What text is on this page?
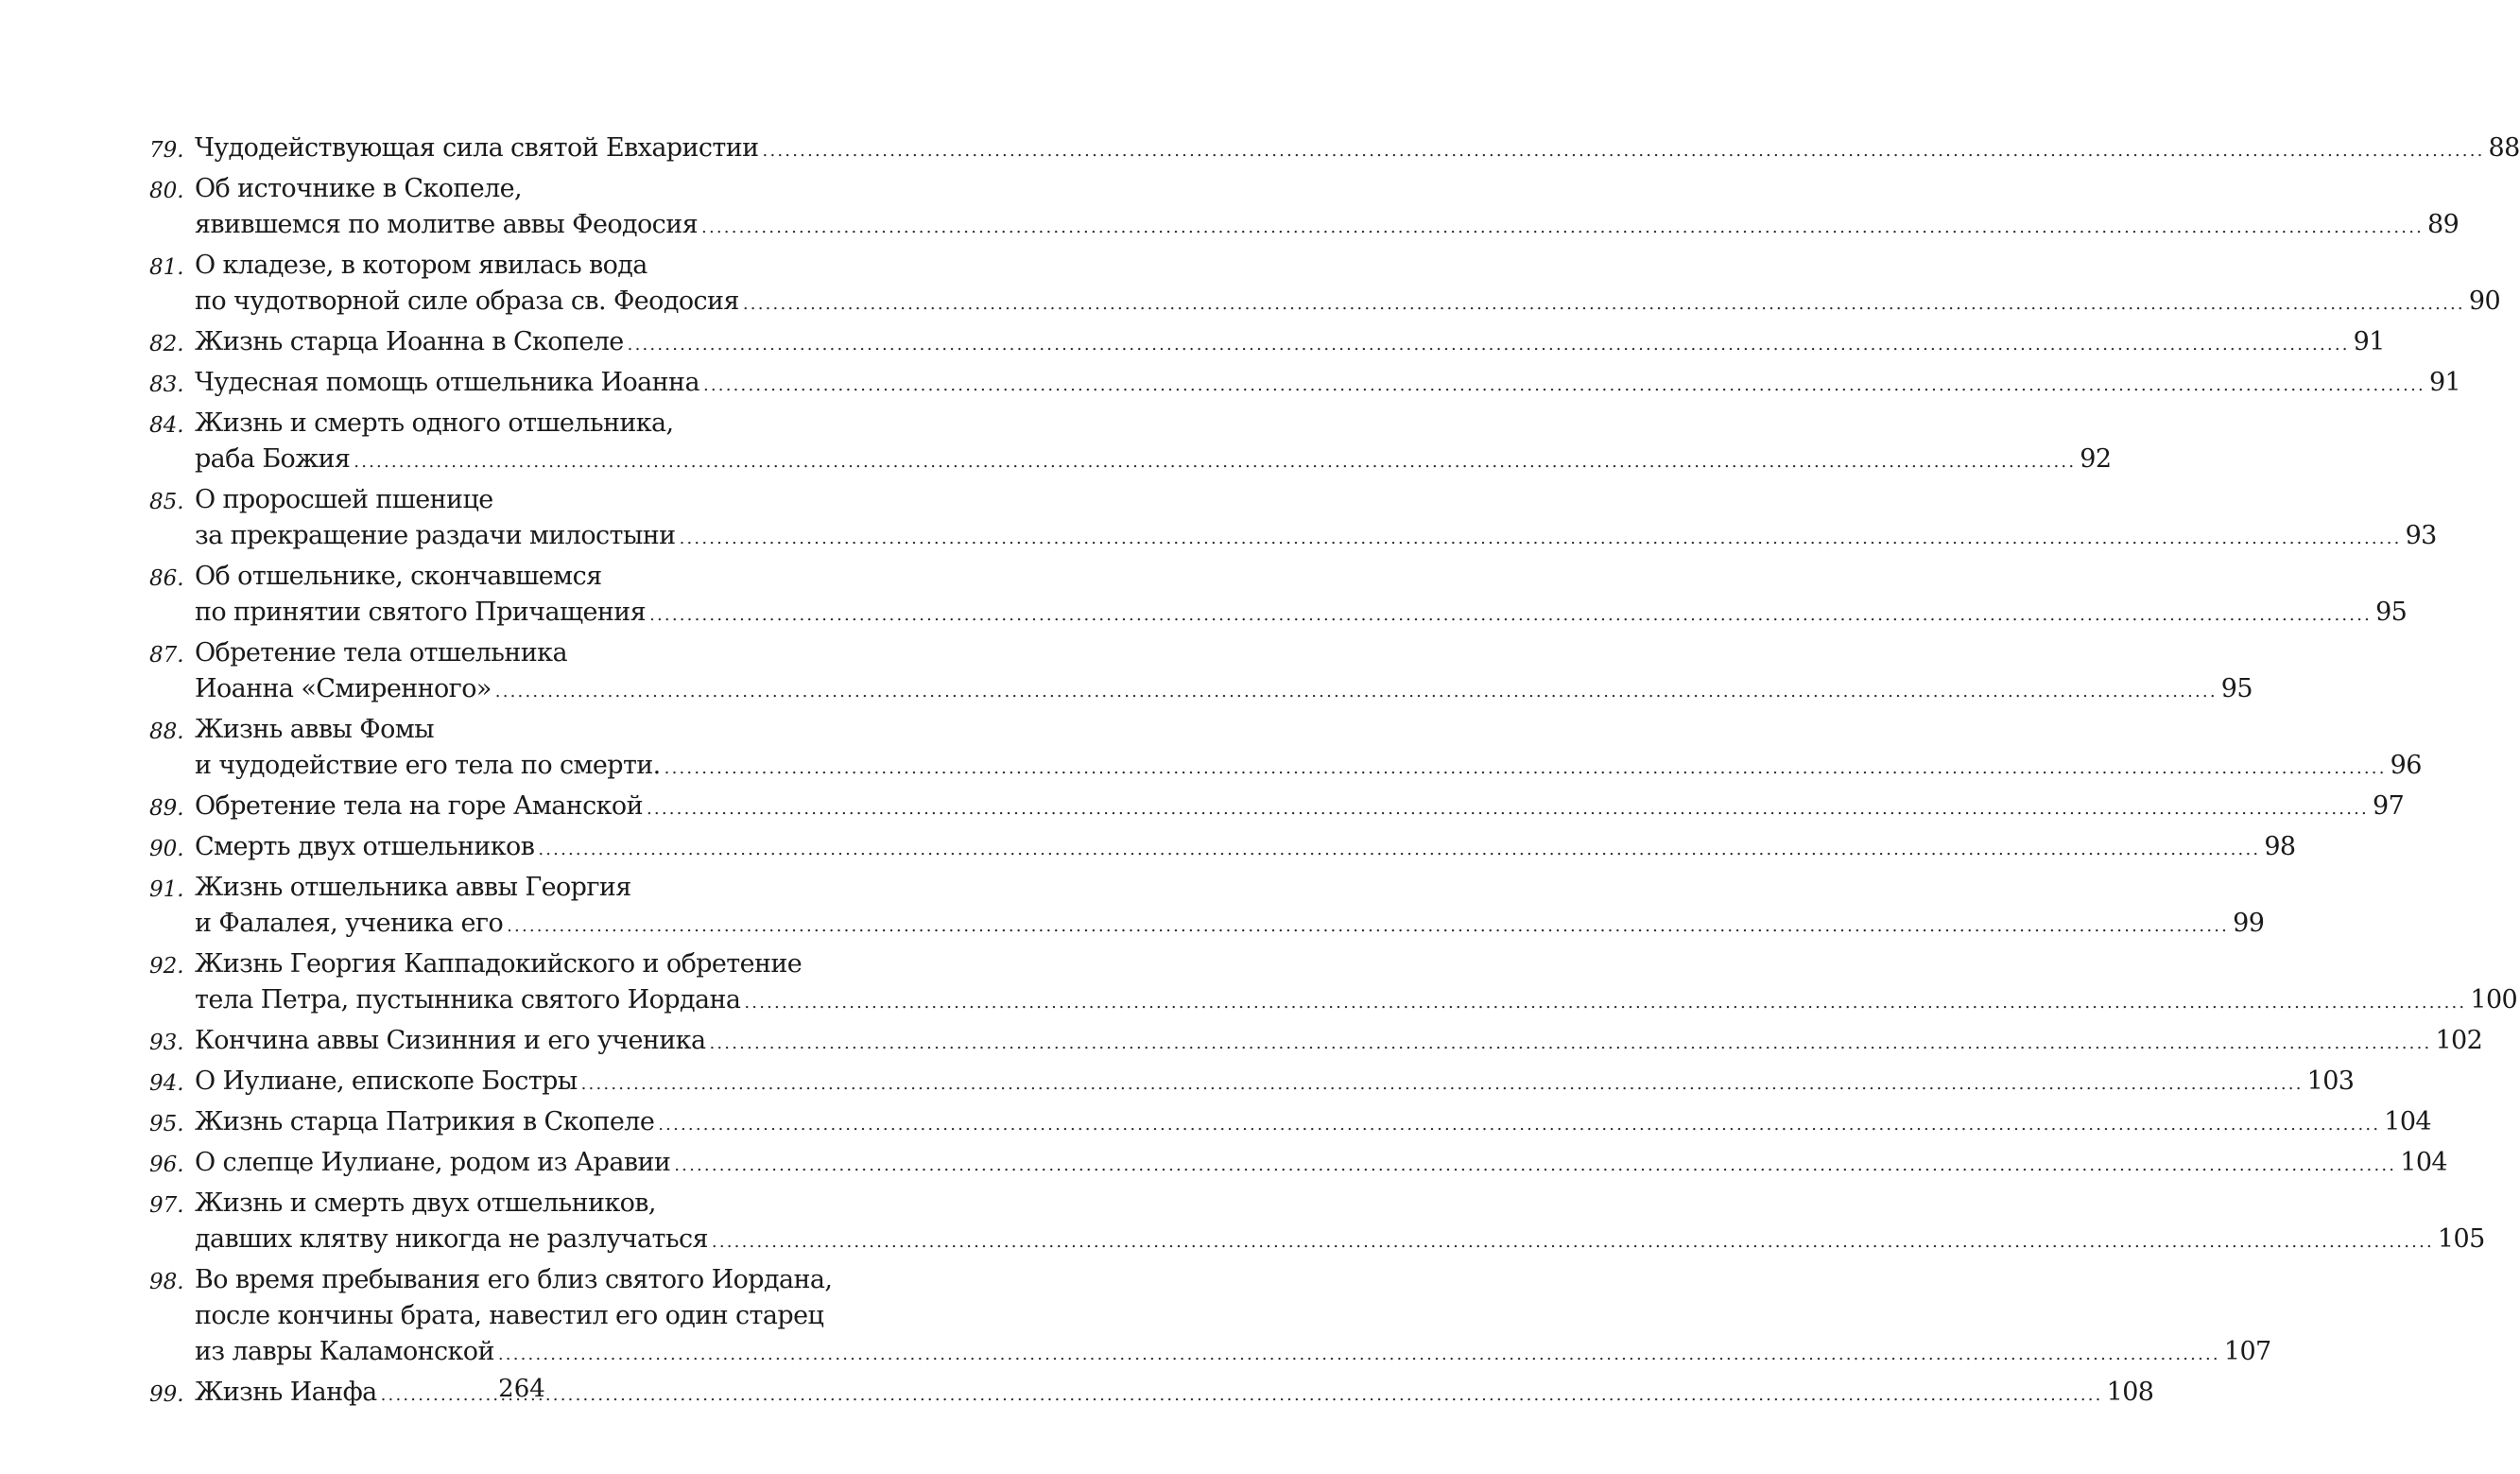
79. Чудодействующая сила святой Евхаристии .....	88
80. Об источнике в Скопеле,
явившемся по молитве аввы Феодосия .....	89
81. О кладезе, в котором явилась вода
по чудотворной силе образа св. Феодосия .....	90
82. Жизнь старца Иоанна в Скопеле .....	91
83. Чудесная помощь отшельника Иоанна .....	91
84. Жизнь и смерть одного отшельника,
раба Божия .....	92
85. О проросшей пшенице
за прекращение раздачи милостыни .....	93
86. Об отшельнике, скончавшемся
по принятии святого Причащения .....	95
87. Обретение тела отшельника
Иоанна «Смиренного» .....	95
88. Жизнь аввы Фомы
и чудодействие его тела по смерти. .....	96
89. Обретение тела на горе Аманской .....	97
90. Смерть двух отшельников .....	98
91. Жизнь отшельника аввы Георгия
и Фалалея, ученика его .....	99
92. Жизнь Георгия Каппадокийского и обретение
тела Петра, пустынника святого Иордана .....	100
93. Кончина аввы Сизинния и его ученика .....	102
94. О Иулиане, епископе Бостры .....	103
95. Жизнь старца Патрикия в Скопеле .....	104
96. О слепце Иулиане, родом из Аравии .....	104
97. Жизнь и смерть двух отшельников,
давших клятву никогда не разлучаться .....	105
98. Во время пребывания его близ святого Иордана,
после кончины брата, навестил его один старец
из лавры Каламонской .....	107
99. Жизнь Ианфа .....	108
264
